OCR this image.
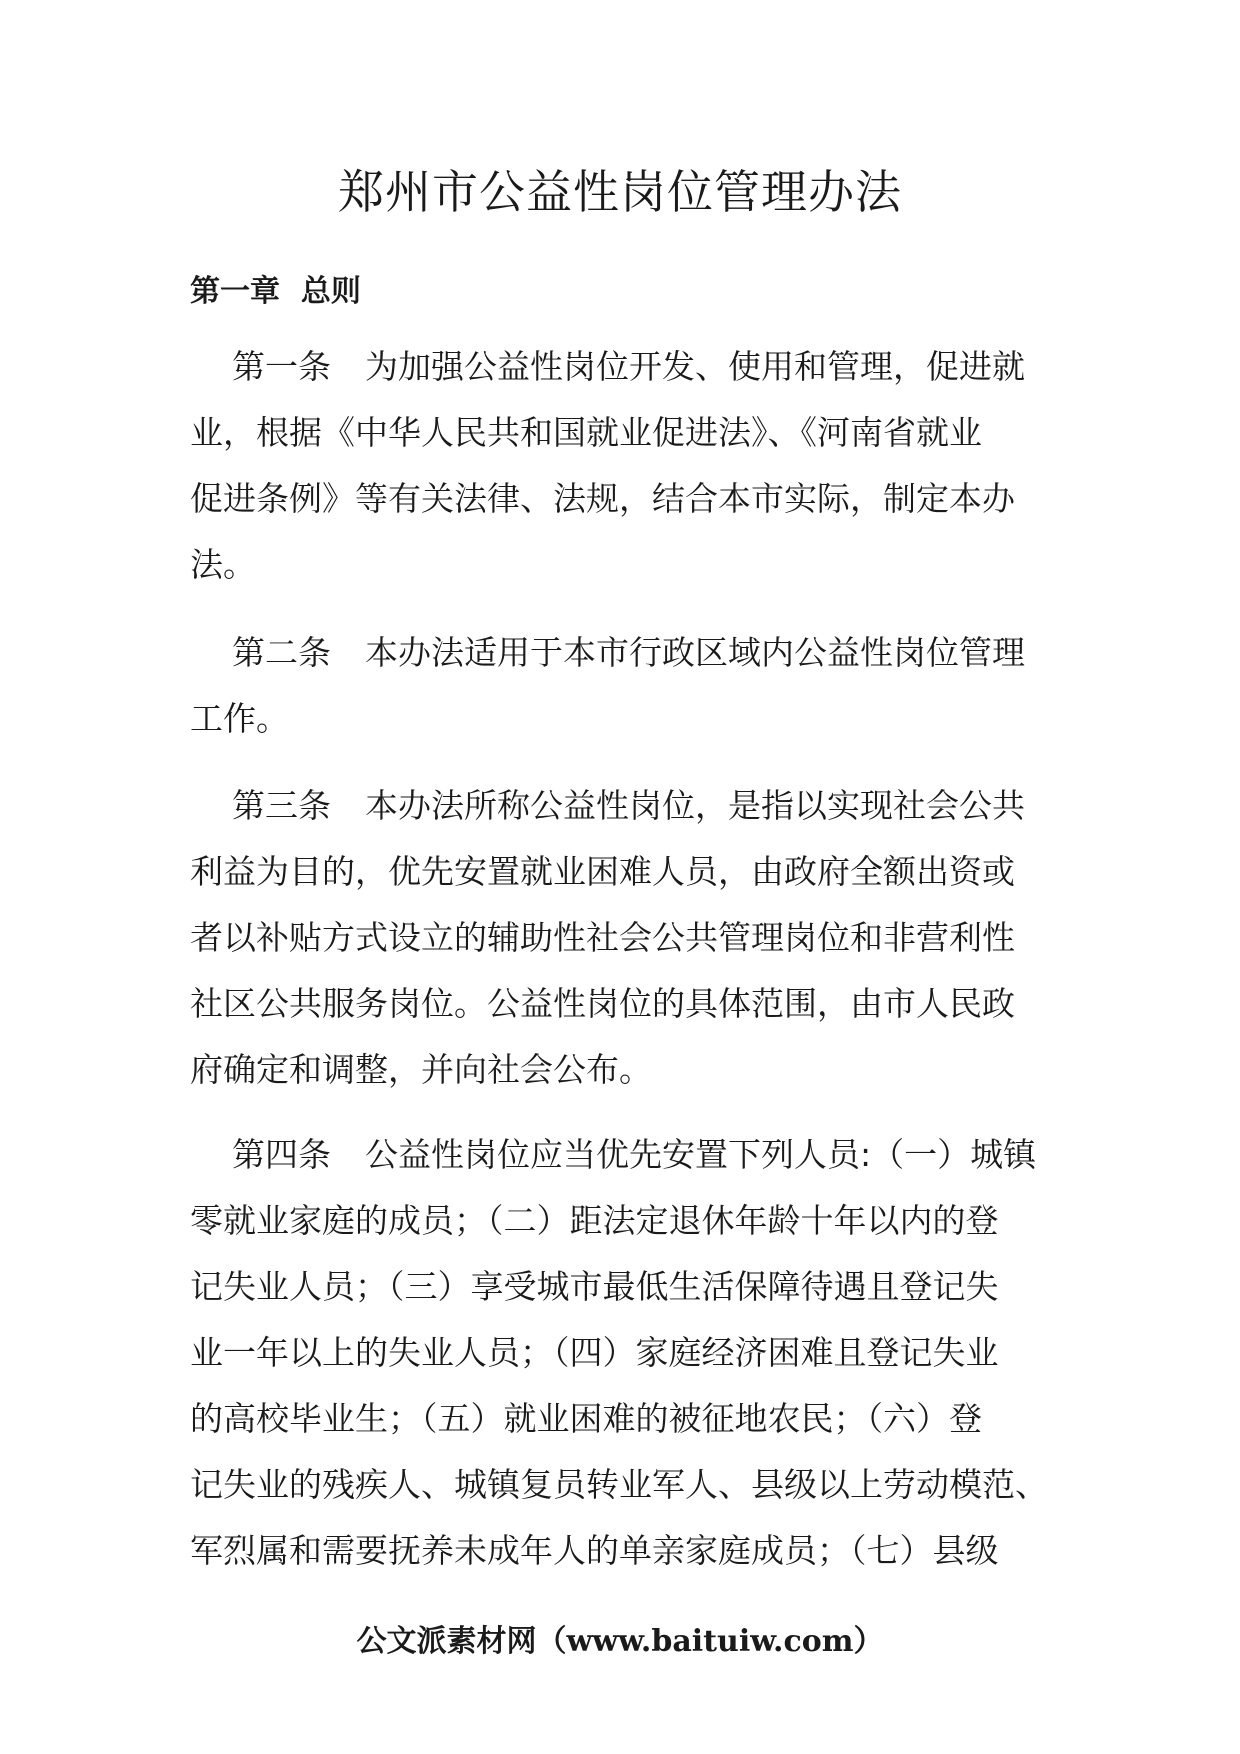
郑州市公益性岗位管理办法
第一章  总则
第一条 为加强公益性岗位开发、使用和管理，促进就
业，根据《中华人民共和国就业促进法》、《河南省就业
促进条例》等有关法律、法规，结合本市实际，制定本办
法。
第二条 本办法适用于本市行政区域内公益性岗位管理
工作。
第三条 本办法所称公益性岗位，是指以实现社会公共
利益为目的，优先安置就业困难人员，由政府全额出资或
者以补贴方式设立的辅助性社会公共管理岗位和非营利性
社区公共服务岗位。公益性岗位的具体范围，由市人民政
府确定和调整，并向社会公布。
第四条 公益性岗位应当优先安置下列人员:（一）城镇
零就业家庭的成员；（二）距法定退休年龄十年以内的登
记失业人员；（三）享受城市最低生活保障待遇且登记失
业一年以上的失业人员；（四）家庭经济困难且登记失业
的高校毕业生；（五）就业困难的被征地农民；（六）登
记失业的残疾人、城镇复员转业军人、县级以上劳动模范、
军烈属和需要抚养未成年人的单亲家庭成员；（七）县级
公文派素材网（www.baituiw.com）
